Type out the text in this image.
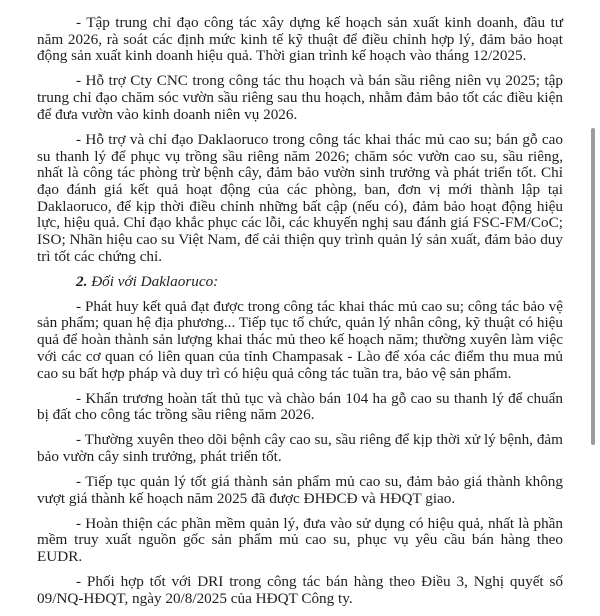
- Tập trung chỉ đạo công tác xây dựng kế hoạch sản xuất kinh doanh, đầu tư năm 2026, rà soát các định mức kinh tế kỹ thuật để điều chỉnh hợp lý, đảm bảo hoạt động sản xuất kinh doanh hiệu quả. Thời gian trình kế hoạch vào tháng 12/2025.

- Hỗ trợ Cty CNC trong công tác thu hoạch và bán sầu riêng niên vụ 2025; tập trung chỉ đạo chăm sóc vườn sầu riêng sau thu hoạch, nhằm đảm bảo tốt các điều kiện để đưa vườn vào kinh doanh niên vụ 2026.

- Hỗ trợ và chỉ đạo Daklaoruco trong công tác khai thác mủ cao su; bán gỗ cao su thanh lý để phục vụ trồng sầu riêng năm 2026; chăm sóc vườn cao su, sầu riêng, nhất là công tác phòng trừ bệnh cây, đảm bảo vườn sinh trưởng và phát triển tốt. Chỉ đạo đánh giá kết quả hoạt động của các phòng, ban, đơn vị mới thành lập tại Daklaoruco, để kịp thời điều chỉnh những bất cập (nếu có), đảm bảo hoạt động hiệu lực, hiệu quả. Chỉ đạo khắc phục các lỗi, các khuyến nghị sau đánh giá FSC-FM/CoC; ISO; Nhãn hiệu cao su Việt Nam, để cải thiện quy trình quản lý sản xuất, đảm bảo duy trì tốt các chứng chỉ.

2. Đối với Daklaoruco:

- Phát huy kết quả đạt được trong công tác khai thác mủ cao su; công tác bảo vệ sản phẩm; quan hệ địa phương... Tiếp tục tổ chức, quản lý nhân công, kỹ thuật có hiệu quả để hoàn thành sản lượng khai thác mủ theo kế hoạch năm; thường xuyên làm việc với các cơ quan có liên quan của tỉnh Champasak - Lào để xóa các điểm thu mua mủ cao su bất hợp pháp và duy trì có hiệu quả công tác tuần tra, bảo vệ sản phẩm.

- Khẩn trương hoàn tất thủ tục và chào bán 104 ha gỗ cao su thanh lý để chuẩn bị đất cho công tác trồng sầu riêng năm 2026.

- Thường xuyên theo dõi bệnh cây cao su, sầu riêng để kịp thời xử lý bệnh, đảm bảo vườn cây sinh trưởng, phát triển tốt.

- Tiếp tục quản lý tốt giá thành sản phẩm mủ cao su, đảm bảo giá thành không vượt giá thành kế hoạch năm 2025 đã được ĐHĐCĐ và HĐQT giao.

- Hoàn thiện các phần mềm quản lý, đưa vào sử dụng có hiệu quả, nhất là phần mềm truy xuất nguồn gốc sản phẩm mủ cao su, phục vụ yêu cầu bán hàng theo EUDR.

- Phối hợp tốt với DRI trong công tác bán hàng theo Điều 3, Nghị quyết số 09/NQ-HĐQT, ngày 20/8/2025 của HĐQT Công ty.
